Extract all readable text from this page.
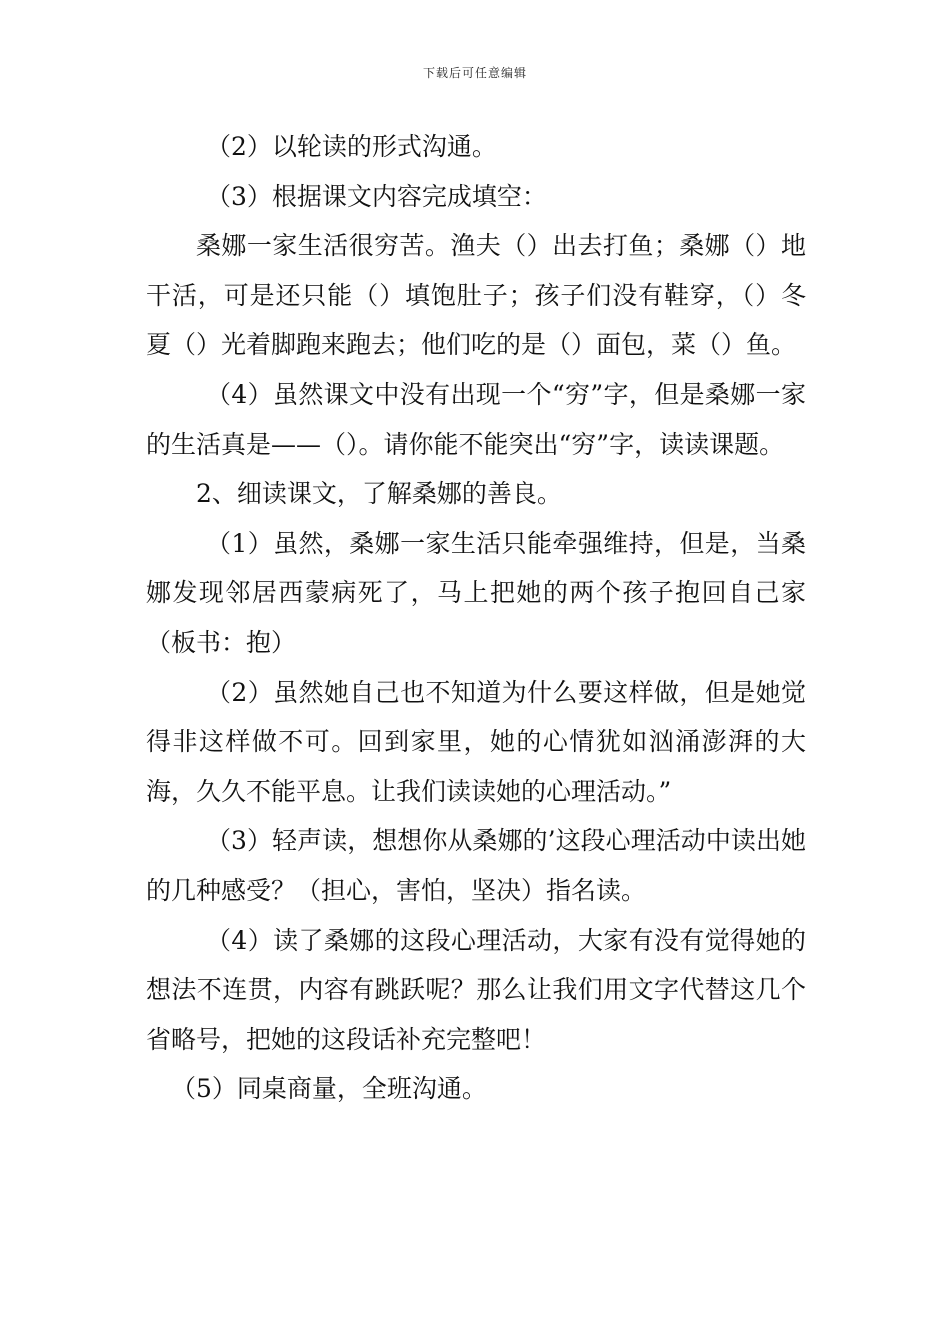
下载后可任意编辑

（2）以轮读的形式沟通。

（3）根据课文内容完成填空：

桑娜一家生活很穷苦。渔夫（）出去打鱼；桑娜（）地干活，可是还只能（）填饱肚子；孩子们没有鞋穿，（）冬夏（）光着脚跑来跑去；他们吃的是（）面包，菜（）鱼。

（4）虽然课文中没有出现一个“穷”字，但是桑娜一家的生活真是——（）。请你能不能突出“穷”字，读读课题。

2、细读课文，了解桑娜的善良。

（1）虽然，桑娜一家生活只能牵强维持，但是，当桑娜发现邻居西蒙病死了，马上把她的两个孩子抱回自己家（板书：抱）

（2）虽然她自己也不知道为什么要这样做，但是她觉得非这样做不可。回到家里，她的心情犹如汹涌澎湃的大海，久久不能平息。让我们读读她的心理活动。”

（3）轻声读，想想你从桑娜的’这段心理活动中读出她的几种感受？（担心，害怕，坚决）指名读。

（4）读了桑娜的这段心理活动，大家有没有觉得她的想法不连贯，内容有跳跃呢？那么让我们用文字代替这几个省略号，把她的这段话补充完整吧！

（5）同桌商量，全班沟通。
